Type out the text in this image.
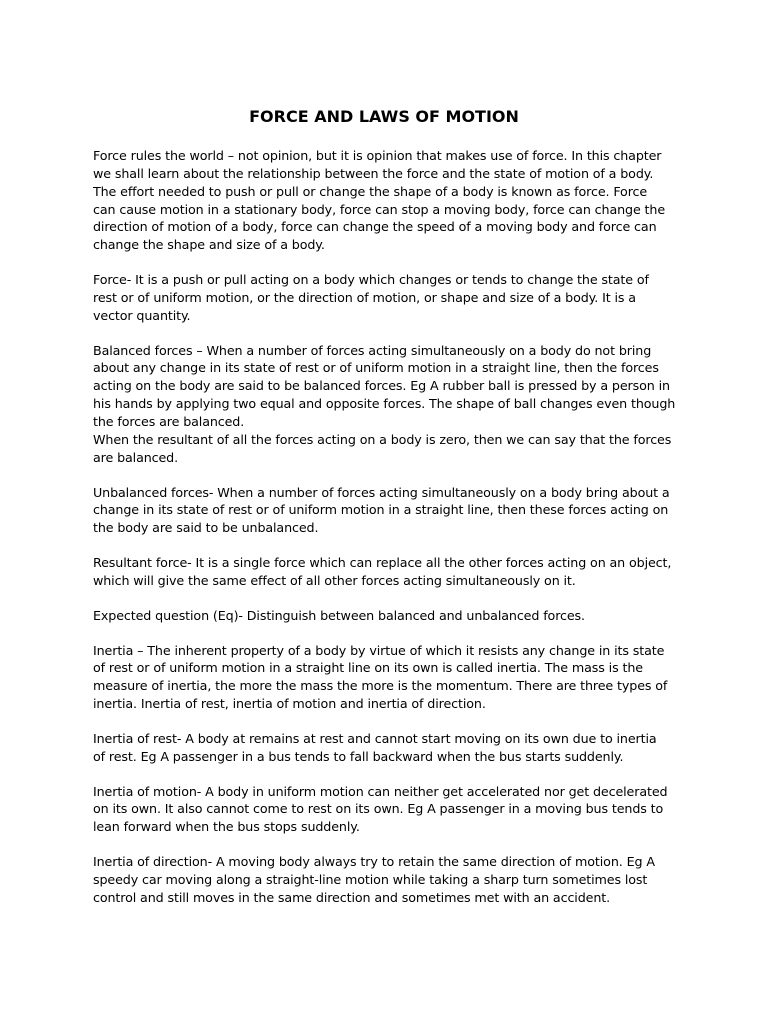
FORCE AND LAWS OF MOTION

Force rules the world – not opinion, but it is opinion that makes use of force. In this chapter
we shall learn about the relationship between the force and the state of motion of a body.
The effort needed to push or pull or change the shape of a body is known as force. Force
can cause motion in a stationary body, force can stop a moving body, force can change the
direction of motion of a body, force can change the speed of a moving body and force can
change the shape and size of a body.

Force- It is a push or pull acting on a body which changes or tends to change the state of
rest or of uniform motion, or the direction of motion, or shape and size of a body. It is a
vector quantity.

Balanced forces – When a number of forces acting simultaneously on a body do not bring
about any change in its state of rest or of uniform motion in a straight line, then the forces
acting on the body are said to be balanced forces. Eg A rubber ball is pressed by a person in
his hands by applying two equal and opposite forces. The shape of ball changes even though
the forces are balanced.
When the resultant of all the forces acting on a body is zero, then we can say that the forces
are balanced.

Unbalanced forces- When a number of forces acting simultaneously on a body bring about a
change in its state of rest or of uniform motion in a straight line, then these forces acting on
the body are said to be unbalanced.

Resultant force- It is a single force which can replace all the other forces acting on an object,
which will give the same effect of all other forces acting simultaneously on it.

Expected question (Eq)- Distinguish between balanced and unbalanced forces.

Inertia – The inherent property of a body by virtue of which it resists any change in its state
of rest or of uniform motion in a straight line on its own is called inertia. The mass is the
measure of inertia, the more the mass the more is the momentum. There are three types of
inertia. Inertia of rest, inertia of motion and inertia of direction.

Inertia of rest- A body at remains at rest and cannot start moving on its own due to inertia
of rest. Eg A passenger in a bus tends to fall backward when the bus starts suddenly.

Inertia of motion- A body in uniform motion can neither get accelerated nor get decelerated
on its own. It also cannot come to rest on its own. Eg A passenger in a moving bus tends to
lean forward when the bus stops suddenly.

Inertia of direction- A moving body always try to retain the same direction of motion. Eg A
speedy car moving along a straight-line motion while taking a sharp turn sometimes lost
control and still moves in the same direction and sometimes met with an accident.
